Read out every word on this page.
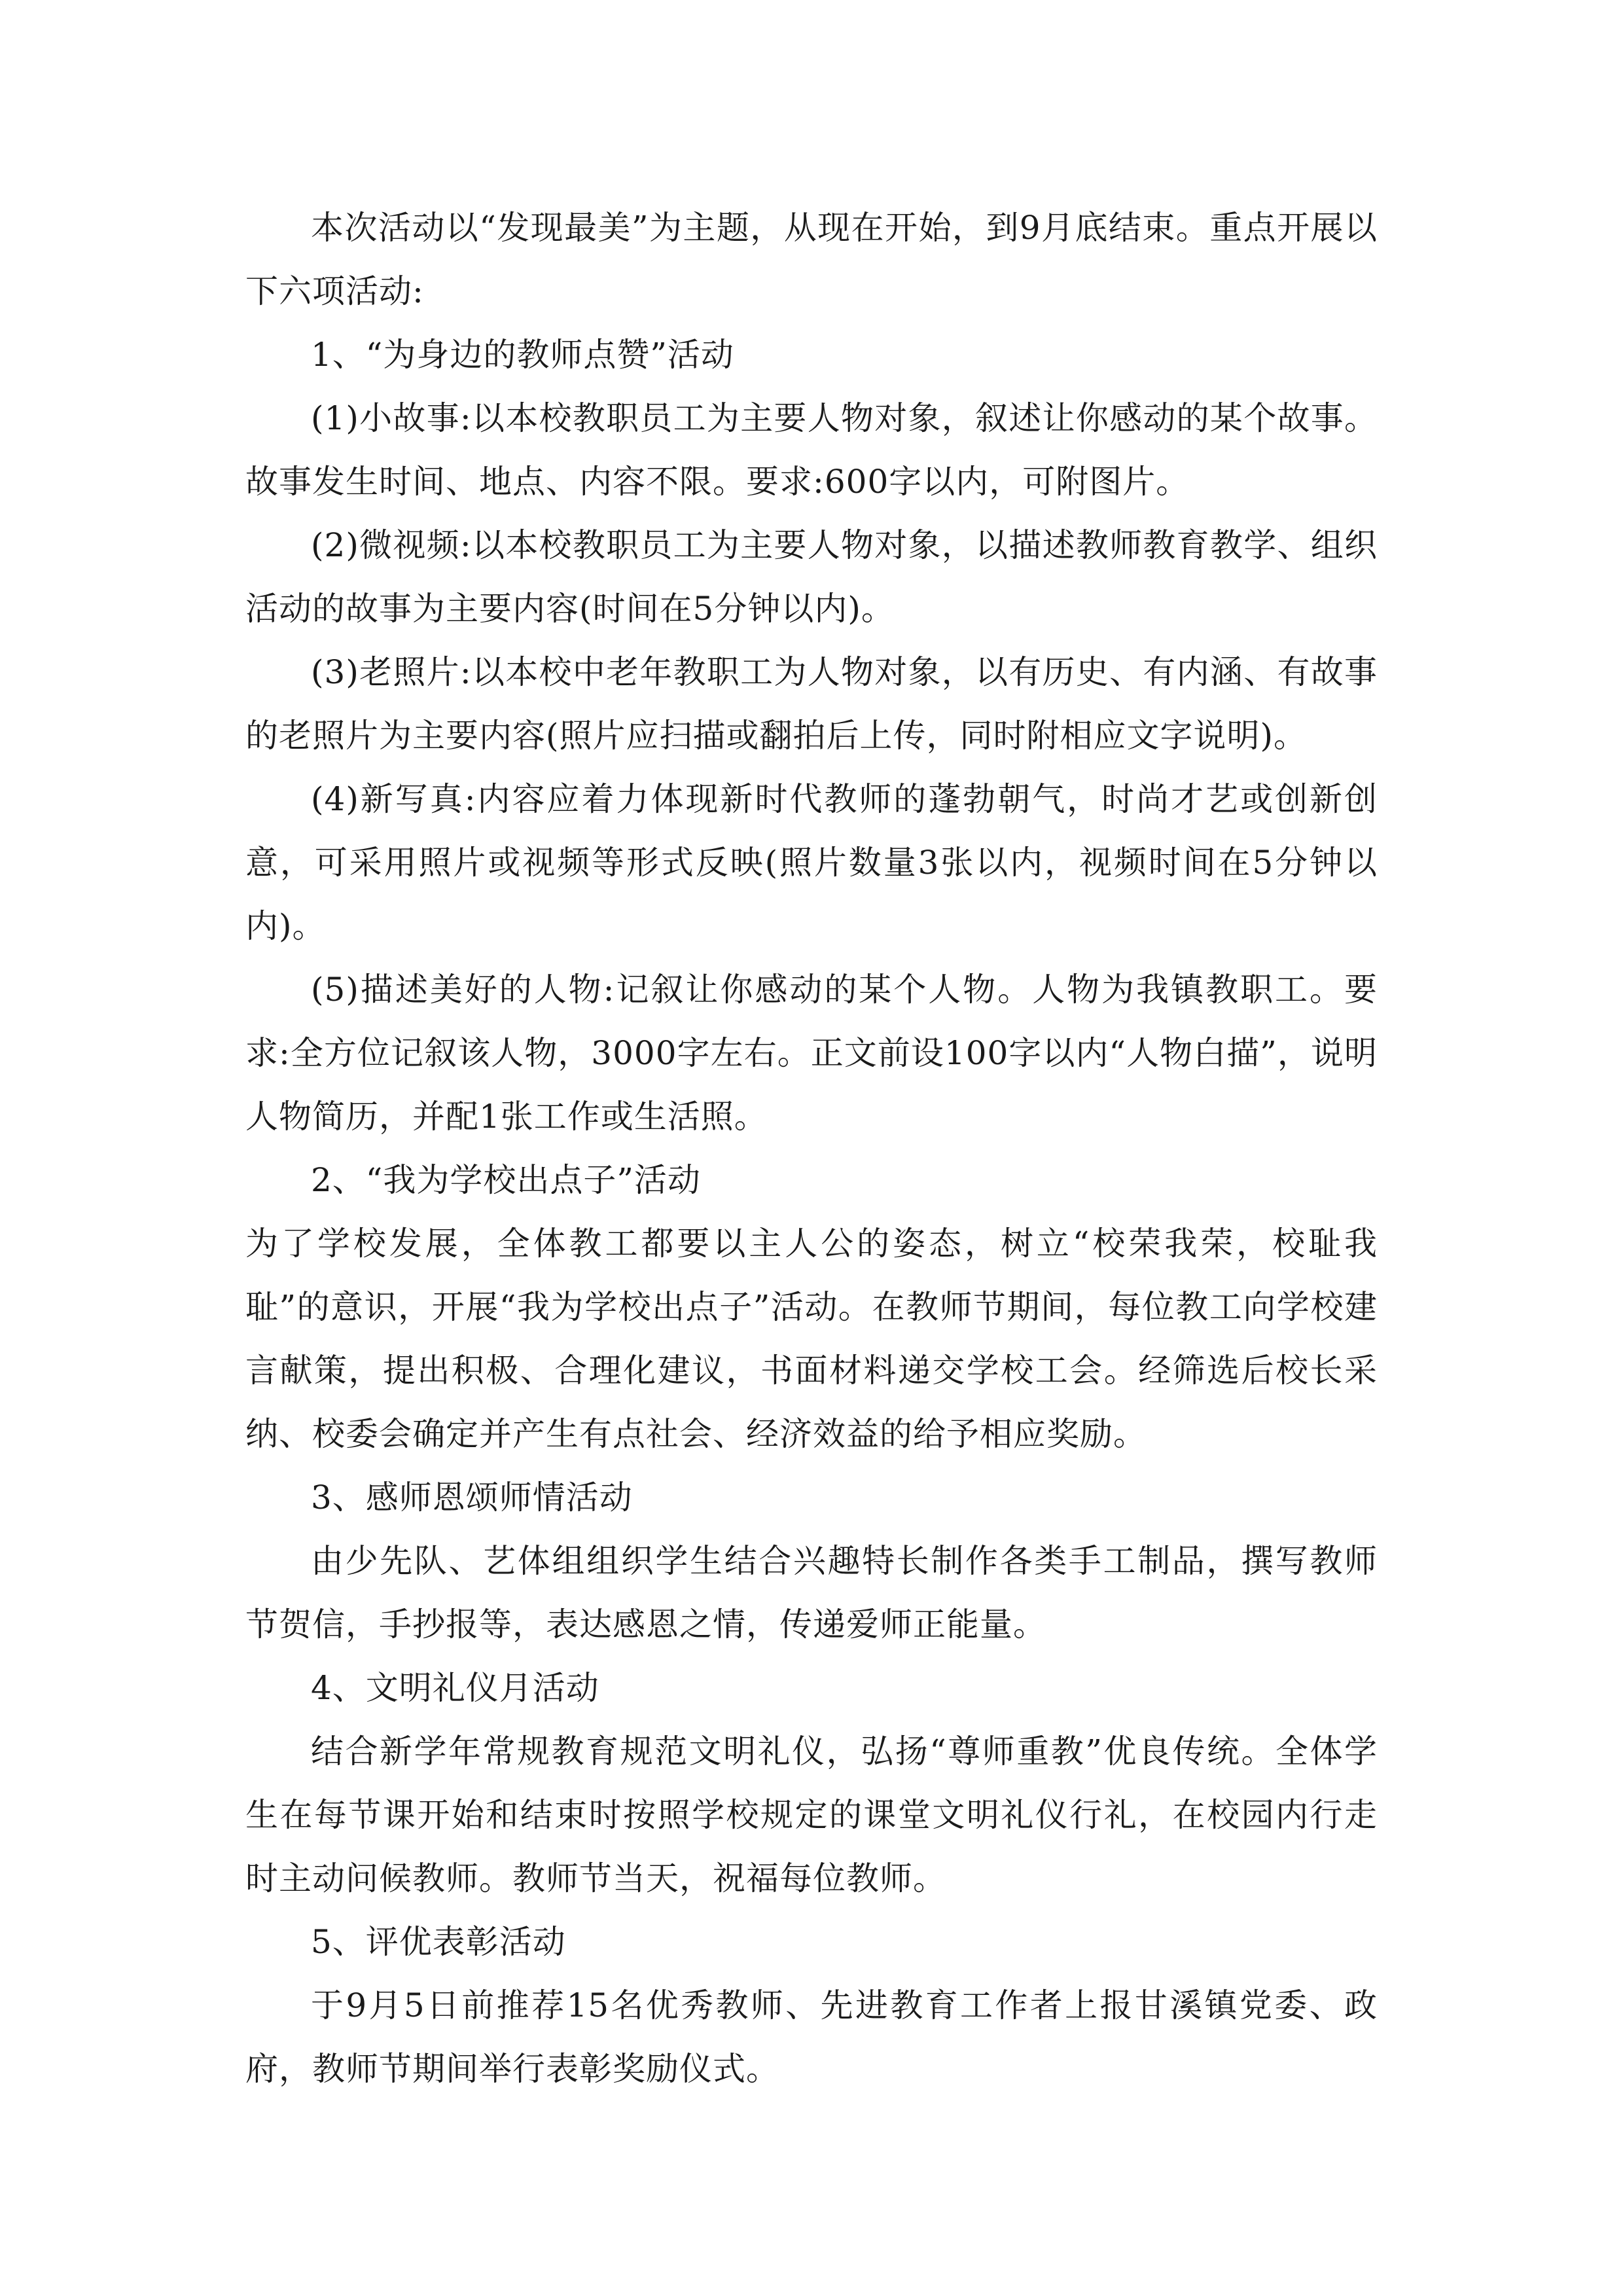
本次活动以“发现最美”为主题，从现在开始，到9月底结束。重点开展以下六项活动:

1、“为身边的教师点赞”活动

(1)小故事:以本校教职员工为主要人物对象，叙述让你感动的某个故事。故事发生时间、地点、内容不限。要求:600字以内，可附图片。

(2)微视频:以本校教职员工为主要人物对象，以描述教师教育教学、组织活动的故事为主要内容(时间在5分钟以内)。

(3)老照片:以本校中老年教职工为人物对象，以有历史、有内涵、有故事的老照片为主要内容(照片应扫描或翻拍后上传，同时附相应文字说明)。

(4)新写真:内容应着力体现新时代教师的蓬勃朝气，时尚才艺或创新创意，可采用照片或视频等形式反映(照片数量3张以内，视频时间在5分钟以内)。

(5)描述美好的人物:记叙让你感动的某个人物。人物为我镇教职工。要求:全方位记叙该人物，3000字左右。正文前设100字以内“人物白描”，说明人物简历，并配1张工作或生活照。

2、“我为学校出点子”活动

为了学校发展，全体教工都要以主人公的姿态，树立“校荣我荣，校耻我耻”的意识，开展“我为学校出点子”活动。在教师节期间，每位教工向学校建言献策，提出积极、合理化建议，书面材料递交学校工会。经筛选后校长采纳、校委会确定并产生有点社会、经济效益的给予相应奖励。

3、感师恩颂师情活动

由少先队、艺体组组织学生结合兴趣特长制作各类手工制品，撰写教师节贺信，手抄报等，表达感恩之情，传递爱师正能量。

4、文明礼仪月活动

结合新学年常规教育规范文明礼仪，弘扬“尊师重教”优良传统。全体学生在每节课开始和结束时按照学校规定的课堂文明礼仪行礼，在校园内行走时主动问候教师。教师节当天，祝福每位教师。

5、评优表彰活动

于9月5日前推荐15名优秀教师、先进教育工作者上报甘溪镇党委、政府，教师节期间举行表彰奖励仪式。
